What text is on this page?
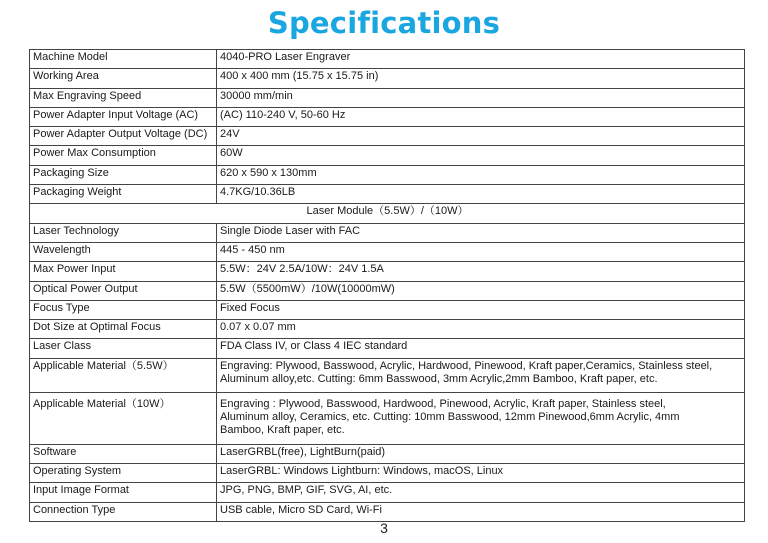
Specifications
Machine Model	4040-PRO Laser Engraver
Working Area	400 x 400 mm (15.75 x 15.75 in)
Max Engraving Speed	30000 mm/min
Power Adapter Input Voltage (AC)	(AC) 110-240 V, 50-60 Hz
Power Adapter Output Voltage (DC)	24V
Power Max Consumption	60W
Packaging Size	620 x 590 x 130mm
Packaging Weight	4.7KG/10.36LB
Laser Module（5.5W）/（10W）	
Laser Technology	Single Diode Laser with FAC
Wavelength	445 - 450 nm
Max Power Input	5.5W：24V 2.5A/10W：24V 1.5A
Optical Power Output	5.5W（5500mW）/10W(10000mW)
Focus Type	Fixed Focus
Dot Size at Optimal Focus	0.07 x 0.07 mm
Laser Class	FDA Class IV, or Class 4 IEC standard
Applicable Material（5.5W）	Engraving: Plywood, Basswood, Acrylic, Hardwood, Pinewood, Kraft paper,Ceramics, Stainless steel,
Aluminum alloy,etc. Cutting: 6mm Basswood, 3mm Acrylic,2mm Bamboo, Kraft paper, etc.

Applicable Material（10W）	Engraving : Plywood, Basswood, Hardwood, Pinewood, Acrylic, Kraft paper, Stainless steel,
Aluminum alloy, Ceramics, etc. Cutting: 10mm Basswood, 12mm Pinewood,6mm Acrylic, 4mm
Bamboo, Kraft paper, etc.

Software	LaserGRBL(free), LightBurn(paid)
Operating System	LaserGRBL: Windows Lightburn: Windows, macOS, Linux
Input Image Format	JPG, PNG, BMP, GIF, SVG, AI, etc.
Connection Type	USB cable, Micro SD Card, Wi-Fi
3
